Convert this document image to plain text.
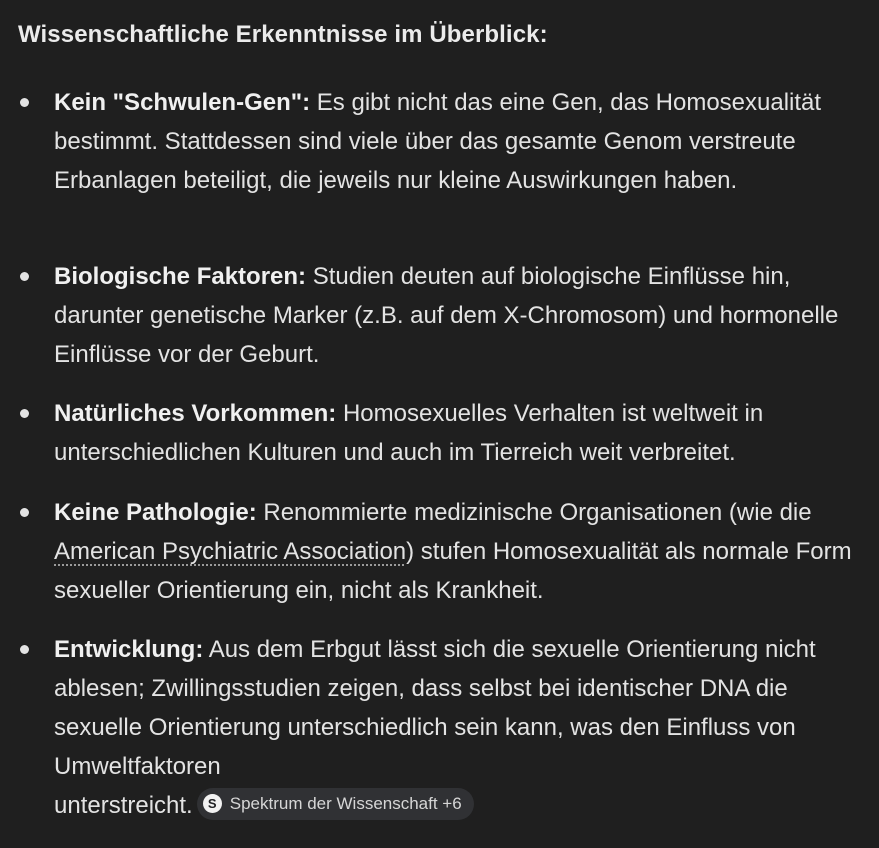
Wissenschaftliche Erkenntnisse im Überblick:
Kein "Schwulen-Gen": Es gibt nicht das eine Gen, das Homosexualität bestimmt. Stattdessen sind viele über das gesamte Genom verstreute Erbanlagen beteiligt, die jeweils nur kleine Auswirkungen haben.
Biologische Faktoren: Studien deuten auf biologische Einflüsse hin, darunter genetische Marker (z.B. auf dem X-Chromosom) und hormonelle Einflüsse vor der Geburt.
Natürliches Vorkommen: Homosexuelles Verhalten ist weltweit in unterschiedlichen Kulturen und auch im Tierreich weit verbreitet.
Keine Pathologie: Renommierte medizinische Organisationen (wie die American Psychiatric Association) stufen Homosexualität als normale Form sexueller Orientierung ein, nicht als Krankheit.
Entwicklung: Aus dem Erbgut lässt sich die sexuelle Orientierung nicht ablesen; Zwillingsstudien zeigen, dass selbst bei identischer DNA die sexuelle Orientierung unterschiedlich sein kann, was den Einfluss von Umweltfaktoren
unterstreicht.	S Spektrum der Wissenschaft +6
